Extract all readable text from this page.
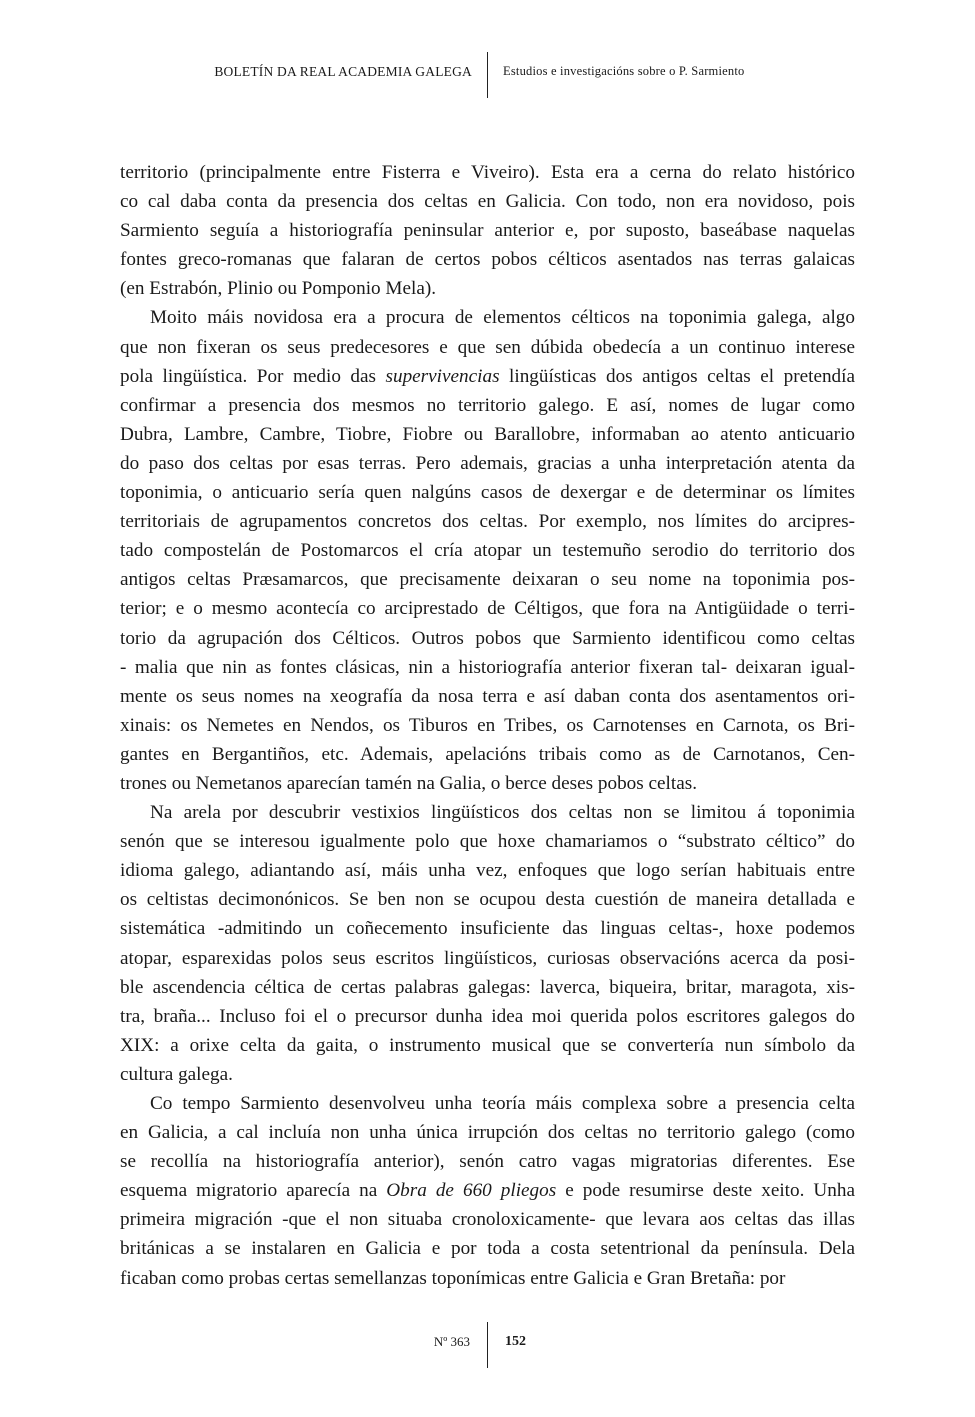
BOLETÍN DA REAL ACADEMIA GALEGA Estudios e investigacións sobre o P. Sarmiento
territorio (principalmente entre Fisterra e Viveiro). Esta era a cerna do relato histórico
co cal daba conta da presencia dos celtas en Galicia. Con todo, non era novidoso, pois
Sarmiento seguía a historiografía peninsular anterior e, por suposto, baseábase naquelas
fontes greco-romanas que falaran de certos pobos célticos asentados nas terras galaicas
(en Estrabón, Plinio ou Pomponio Mela).
Moito máis novidosa era a procura de elementos célticos na toponimia galega, algo
que non fixeran os seus predecesores e que sen dúbida obedecía a un continuo interese
pola lingüística. Por medio das supervivencias lingüísticas dos antigos celtas el pretendía
confirmar a presencia dos mesmos no territorio galego. E así, nomes de lugar como
Dubra, Lambre, Cambre, Tiobre, Fiobre ou Barallobre, informaban ao atento anticuario
do paso dos celtas por esas terras. Pero ademais, gracias a unha interpretación atenta da
toponimia, o anticuario sería quen nalgúns casos de dexergar e de determinar os límites
territoriais de agrupamentos concretos dos celtas. Por exemplo, nos límites do arcipres-
tado compostelán de Postomarcos el cría atopar un testemuño serodio do territorio dos
antigos celtas Præsamarcos, que precisamente deixaran o seu nome na toponimia pos-
terior; e o mesmo acontecía co arciprestado de Céltigos, que fora na Antigüidade o terri-
torio da agrupación dos Célticos. Outros pobos que Sarmiento identificou como celtas
- malia que nin as fontes clásicas, nin a historiografía anterior fixeran tal- deixaran igual-
mente os seus nomes na xeografía da nosa terra e así daban conta dos asentamentos ori-
xinais: os Nemetes en Nendos, os Tiburos en Tribes, os Carnotenses en Carnota, os Bri-
gantes en Bergantiños, etc. Ademais, apelacións tribais como as de Carnotanos, Cen-
trones ou Nemetanos aparecían tamén na Galia, o berce deses pobos celtas.
Na arela por descubrir vestixios lingüísticos dos celtas non se limitou á toponimia
senón que se interesou igualmente polo que hoxe chamariamos o “substrato céltico” do
idioma galego, adiantando así, máis unha vez, enfoques que logo serían habituais entre
os celtistas decimonónicos. Se ben non se ocupou desta cuestión de maneira detallada e
sistemática -admitindo un coñecemento insuficiente das linguas celtas-, hoxe podemos
atopar, esparexidas polos seus escritos lingüísticos, curiosas observacións acerca da posi-
ble ascendencia céltica de certas palabras galegas: laverca, biqueira, britar, maragota, xis-
tra, braña... Incluso foi el o precursor dunha idea moi querida polos escritores galegos do
XIX: a orixe celta da gaita, o instrumento musical que se convertería nun símbolo da
cultura galega.
Co tempo Sarmiento desenvolveu unha teoría máis complexa sobre a presencia celta
en Galicia, a cal incluía non unha única irrupción dos celtas no territorio galego (como
se recollía na historiografía anterior), senón catro vagas migratorias diferentes. Ese
esquema migratorio aparecía na Obra de 660 pliegos e pode resumirse deste xeito. Unha
primeira migración -que el non situaba cronoloxicamente- que levara aos celtas das illas
británicas a se instalaren en Galicia e por toda a costa setentrional da península. Dela
ficaban como probas certas semellanzas toponímicas entre Galicia e Gran Bretaña: por
Nº 363	152
